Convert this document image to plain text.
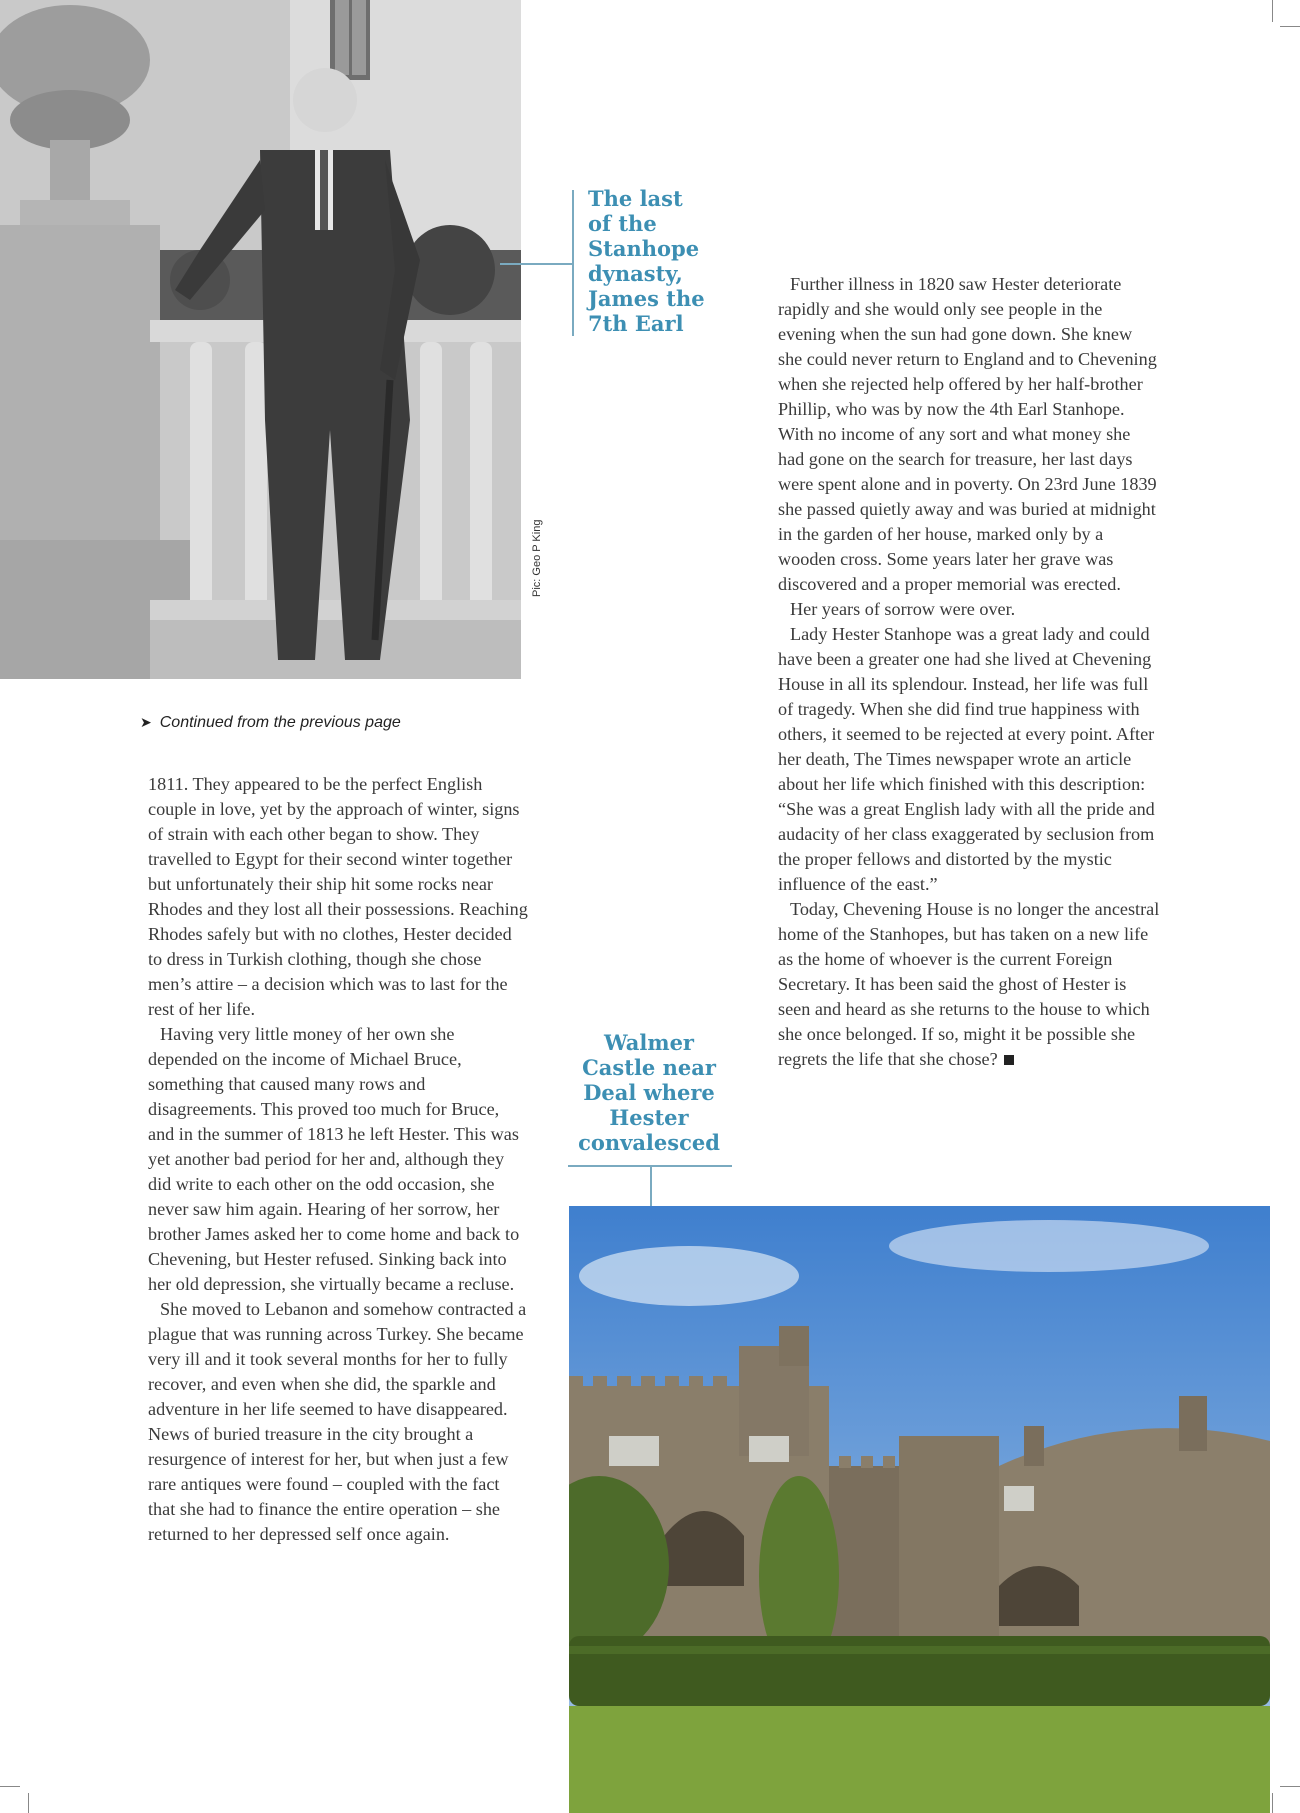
Pic: Geo P King
The last of the Stanhope dynasty, James the 7th Earl
➤ Continued from the previous page

1811. They appeared to be the perfect English couple in love, yet by the approach of winter, signs of strain with each other began to show. They travelled to Egypt for their second winter together but unfortunately their ship hit some rocks near Rhodes and they lost all their possessions. Reaching Rhodes safely but with no clothes, Hester decided to dress in Turkish clothing, though she chose men’s attire – a decision which was to last for the rest of her life.

Having very little money of her own she depended on the income of Michael Bruce, something that caused many rows and disagreements. This proved too much for Bruce, and in the summer of 1813 he left Hester. This was yet another bad period for her and, although they did write to each other on the odd occasion, she never saw him again. Hearing of her sorrow, her brother James asked her to come home and back to Chevening, but Hester refused. Sinking back into her old depression, she virtually became a recluse.

She moved to Lebanon and somehow contracted a plague that was running across Turkey. She became very ill and it took several months for her to fully recover, and even when she did, the sparkle and adventure in her life seemed to have disappeared. News of buried treasure in the city brought a resurgence of interest for her, but when just a few rare antiques were found – coupled with the fact that she had to finance the entire operation – she returned to her depressed self once again.

Further illness in 1820 saw Hester deteriorate rapidly and she would only see people in the evening when the sun had gone down. She knew she could never return to England and to Chevening when she rejected help offered by her half-brother Phillip, who was by now the 4th Earl Stanhope. With no income of any sort and what money she had gone on the search for treasure, her last days were spent alone and in poverty. On 23rd June 1839 she passed quietly away and was buried at midnight in the garden of her house, marked only by a wooden cross. Some years later her grave was discovered and a proper memorial was erected.

Her years of sorrow were over.

Lady Hester Stanhope was a great lady and could have been a greater one had she lived at Chevening House in all its splendour. Instead, her life was full of tragedy. When she did find true happiness with others, it seemed to be rejected at every point. After her death, The Times newspaper wrote an article about her life which finished with this description: “She was a great English lady with all the pride and audacity of her class exaggerated by seclusion from the proper fellows and distorted by the mystic influence of the east.”

Today, Chevening House is no longer the ancestral home of the Stanhopes, but has taken on a new life as the home of whoever is the current Foreign Secretary. It has been said the ghost of Hester is seen and heard as she returns to the house to which she once belonged. If so, might it be possible she regrets the life that she chose?

Walmer Castle near Deal where Hester convalesced
